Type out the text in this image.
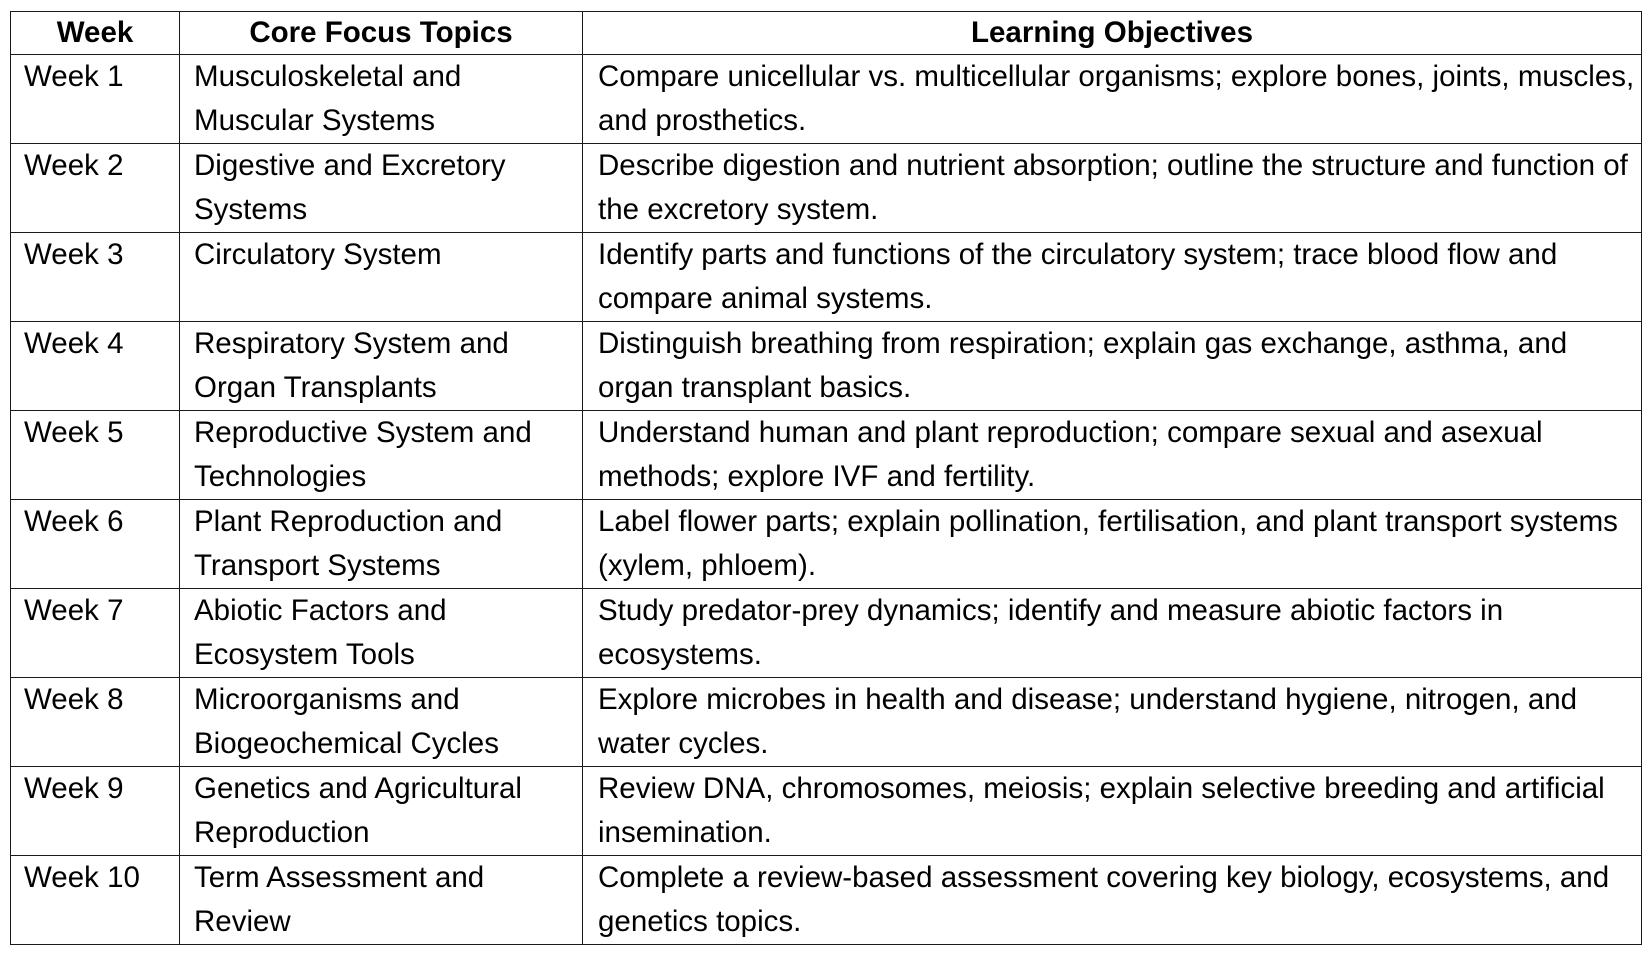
Week	Core Focus Topics	Learning Objectives
Week 1	Musculoskeletal and Muscular Systems	Compare unicellular vs. multicellular organisms; explore bones, joints, muscles, and prosthetics.
Week 2	Digestive and Excretory Systems	Describe digestion and nutrient absorption; outline the structure and function of the excretory system.
Week 3	Circulatory System	Identify parts and functions of the circulatory system; trace blood flow and compare animal systems.
Week 4	Respiratory System and Organ Transplants	Distinguish breathing from respiration; explain gas exchange, asthma, and organ transplant basics.
Week 5	Reproductive System and Technologies	Understand human and plant reproduction; compare sexual and asexual methods; explore IVF and fertility.
Week 6	Plant Reproduction and Transport Systems	Label flower parts; explain pollination, fertilisation, and plant transport systems (xylem, phloem).
Week 7	Abiotic Factors and Ecosystem Tools	Study predator-prey dynamics; identify and measure abiotic factors in ecosystems.
Week 8	Microorganisms and Biogeochemical Cycles	Explore microbes in health and disease; understand hygiene, nitrogen, and water cycles.
Week 9	Genetics and Agricultural Reproduction	Review DNA, chromosomes, meiosis; explain selective breeding and artificial insemination.
Week 10	Term Assessment and Review	Complete a review-based assessment covering key biology, ecosystems, and genetics topics.
